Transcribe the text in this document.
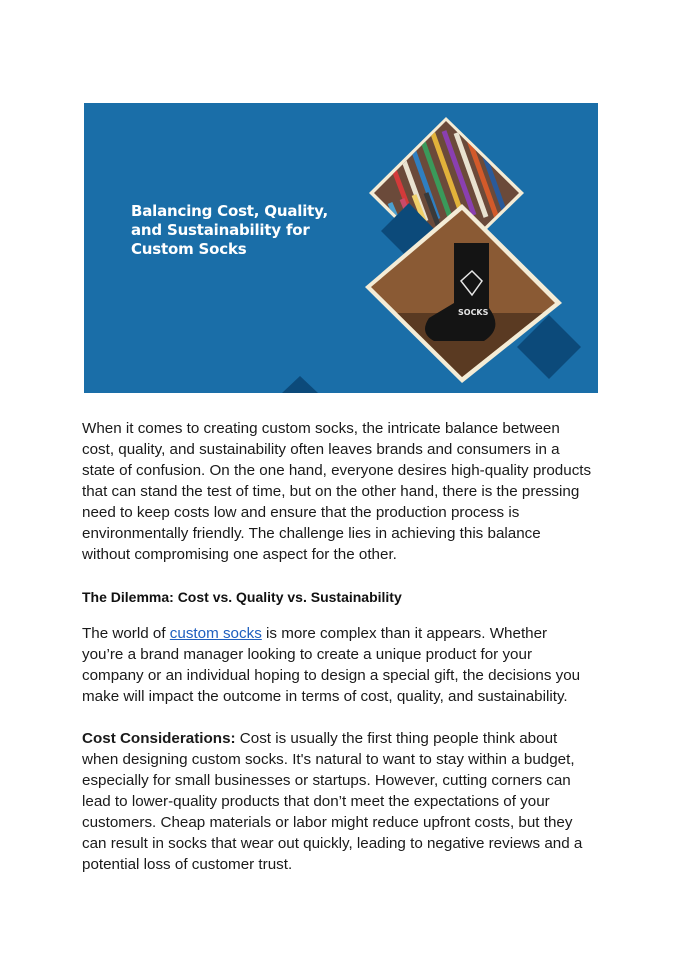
Balancing Cost, Quality,
and Sustainability for
Custom Socks
SOCKS
When it comes to creating custom socks, the intricate balance between cost, quality, and sustainability often leaves brands and consumers in a state of confusion. On the one hand, everyone desires high-quality products that can stand the test of time, but on the other hand, there is the pressing need to keep costs low and ensure that the production process is environmentally friendly. The challenge lies in achieving this balance without compromising one aspect for the other.
The Dilemma: Cost vs. Quality vs. Sustainability
The world of custom socks is more complex than it appears. Whether you’re a brand manager looking to create a unique product for your company or an individual hoping to design a special gift, the decisions you make will impact the outcome in terms of cost, quality, and sustainability.
Cost Considerations: Cost is usually the first thing people think about when designing custom socks. It's natural to want to stay within a budget, especially for small businesses or startups. However, cutting corners can lead to lower-quality products that don’t meet the expectations of your customers. Cheap materials or labor might reduce upfront costs, but they can result in socks that wear out quickly, leading to negative reviews and a potential loss of customer trust.
